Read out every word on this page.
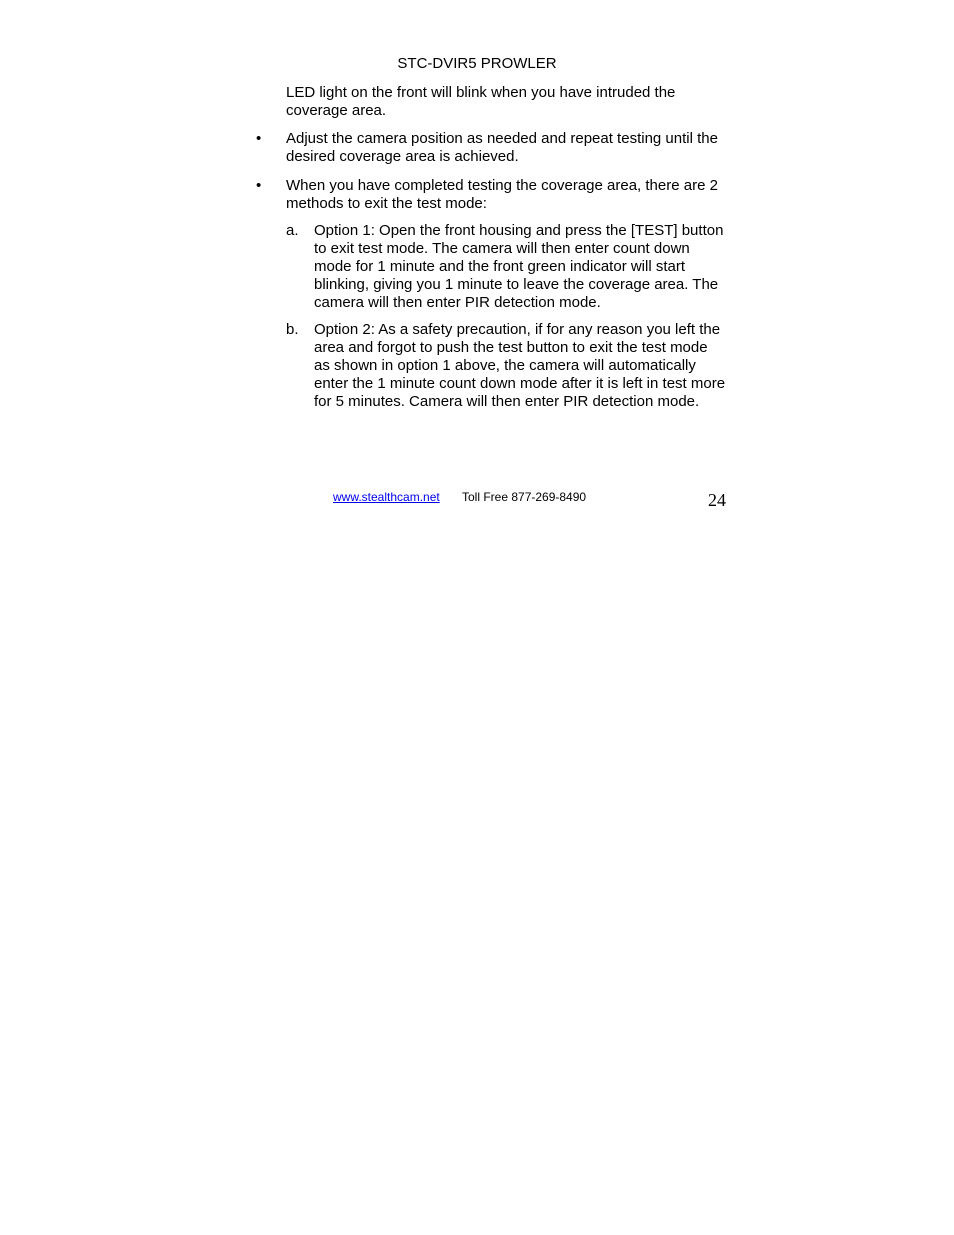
STC-DVIR5 PROWLER
LED light on the front will blink when you have intruded the coverage area.
•	Adjust the camera position as needed and repeat testing until the desired coverage area is achieved.
•	When you have completed testing the coverage area, there are 2 methods to exit the test mode:
a.	Option 1: Open the front housing and press the [TEST] button to exit test mode. The camera will then enter count down mode for 1 minute and the front green indicator will start blinking, giving you 1 minute to leave the coverage area. The camera will then enter PIR detection mode.
b.	Option 2: As a safety precaution, if for any reason you left the area and forgot to push the test button to exit the test mode as shown in option 1 above, the camera will automatically enter the 1 minute count down mode after it is left in test more for 5 minutes. Camera will then enter PIR detection mode.
www.stealthcam.net Toll Free 877-269-8490	24
